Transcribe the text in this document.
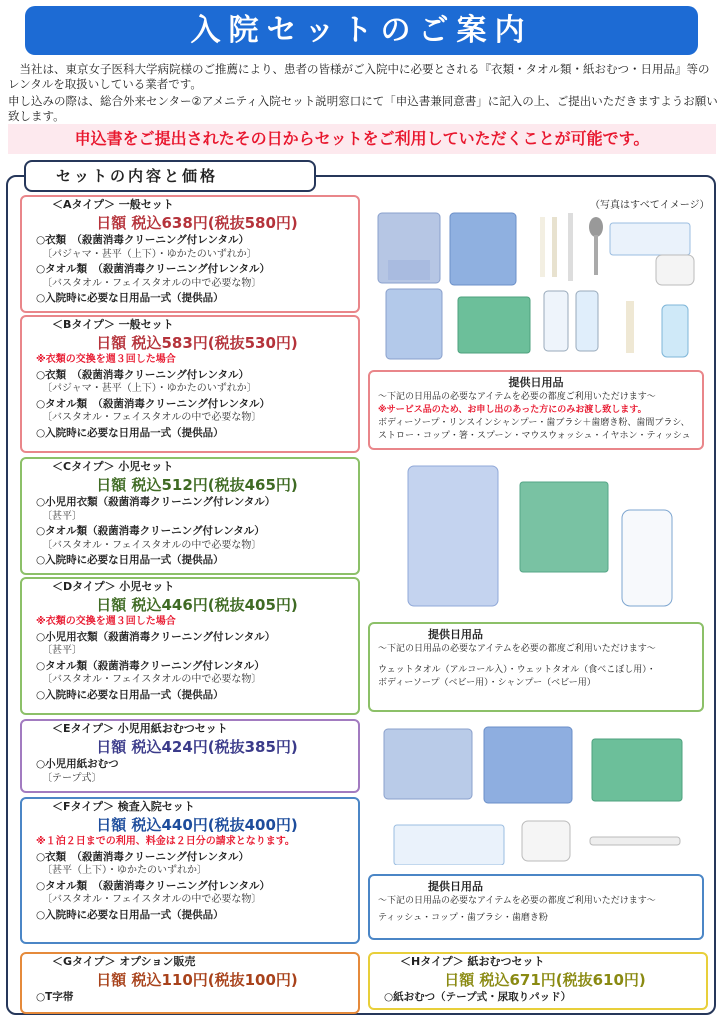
入院セットのご案内
　当社は、東京女子医科大学病院様のご推薦により、患者の皆様がご入院中に必要とされる『衣類・タオル類・紙おむつ・日用品』等のレンタルを取扱いしている業者です。
申し込みの際は、総合外来センター②アメニティ入院セット説明窓口にて「申込書兼同意書」に記入の上、ご提出いただきますようお願い致します。
申込書をご提出されたその日からセットをご利用していただくことが可能です。
セットの内容と価格
（写真はすべてイメージ）
＜Aタイプ＞ 一般セット
日額 税込638円(税抜580円)
○衣類　（殺菌消毒クリーニング付レンタル）
〔パジャマ・甚平（上下）・ゆかたのいずれか〕
○タオル類　（殺菌消毒クリーニング付レンタル）
〔バスタオル・フェイスタオルの中で必要な物〕
○入院時に必要な日用品一式（提供品）
＜Bタイプ＞ 一般セット
日額 税込583円(税抜530円)
※衣類の交換を週３回した場合
○衣類　（殺菌消毒クリーニング付レンタル）
〔パジャマ・甚平（上下）・ゆかたのいずれか〕
○タオル類　（殺菌消毒クリーニング付レンタル）
〔バスタオル・フェイスタオルの中で必要な物〕
○入院時に必要な日用品一式（提供品）
＜Cタイプ＞ 小児セット
日額 税込512円(税抜465円)
○小児用衣類（殺菌消毒クリーニング付レンタル）
〔甚平〕
○タオル類（殺菌消毒クリーニング付レンタル）
〔バスタオル・フェイスタオルの中で必要な物〕
○入院時に必要な日用品一式（提供品）
＜Dタイプ＞ 小児セット
日額 税込446円(税抜405円)
※衣類の交換を週３回した場合
○小児用衣類（殺菌消毒クリーニング付レンタル）
〔甚平〕
○タオル類（殺菌消毒クリーニング付レンタル）
〔バスタオル・フェイスタオルの中で必要な物〕
○入院時に必要な日用品一式（提供品）
＜Eタイプ＞ 小児用紙おむつセット
日額 税込424円(税抜385円)
○小児用紙おむつ
〔テープ式〕
＜Fタイプ＞ 検査入院セット
日額 税込440円(税抜400円)
※１泊２日までの利用、料金は２日分の請求となります。
○衣類　（殺菌消毒クリーニング付レンタル）
〔甚平（上下）・ゆかたのいずれか〕
○タオル類　（殺菌消毒クリーニング付レンタル）
〔バスタオル・フェイスタオルの中で必要な物〕
○入院時に必要な日用品一式（提供品）
＜Gタイプ＞ オプション販売
日額 税込110円(税抜100円)
○T字帯
＜Hタイプ＞ 紙おむつセット
日額 税込671円(税抜610円)
○紙おむつ（テープ式・尿取りパッド）
提供日用品
〜下記の日用品の必要なアイテムを必要の都度ご利用いただけます〜
※サービス品のため、お申し出のあった方にのみお渡し致します。
ボディーソープ・リンスインシャンプー・歯ブラシ＋歯磨き粉、歯間ブラシ、
ストロー・コップ・箸・スプーン・マウスウォッシュ・イヤホン・ティッシュ
提供日用品
〜下記の日用品の必要なアイテムを必要の都度ご利用いただけます〜
ウェットタオル（アルコール入）・ウェットタオル（食べこぼし用）・
ボディーソープ（ベビー用）・シャンプー（ベビー用）
提供日用品
〜下記の日用品の必要なアイテムを必要の都度ご利用いただけます〜
ティッシュ・コップ・歯ブラシ・歯磨き粉
